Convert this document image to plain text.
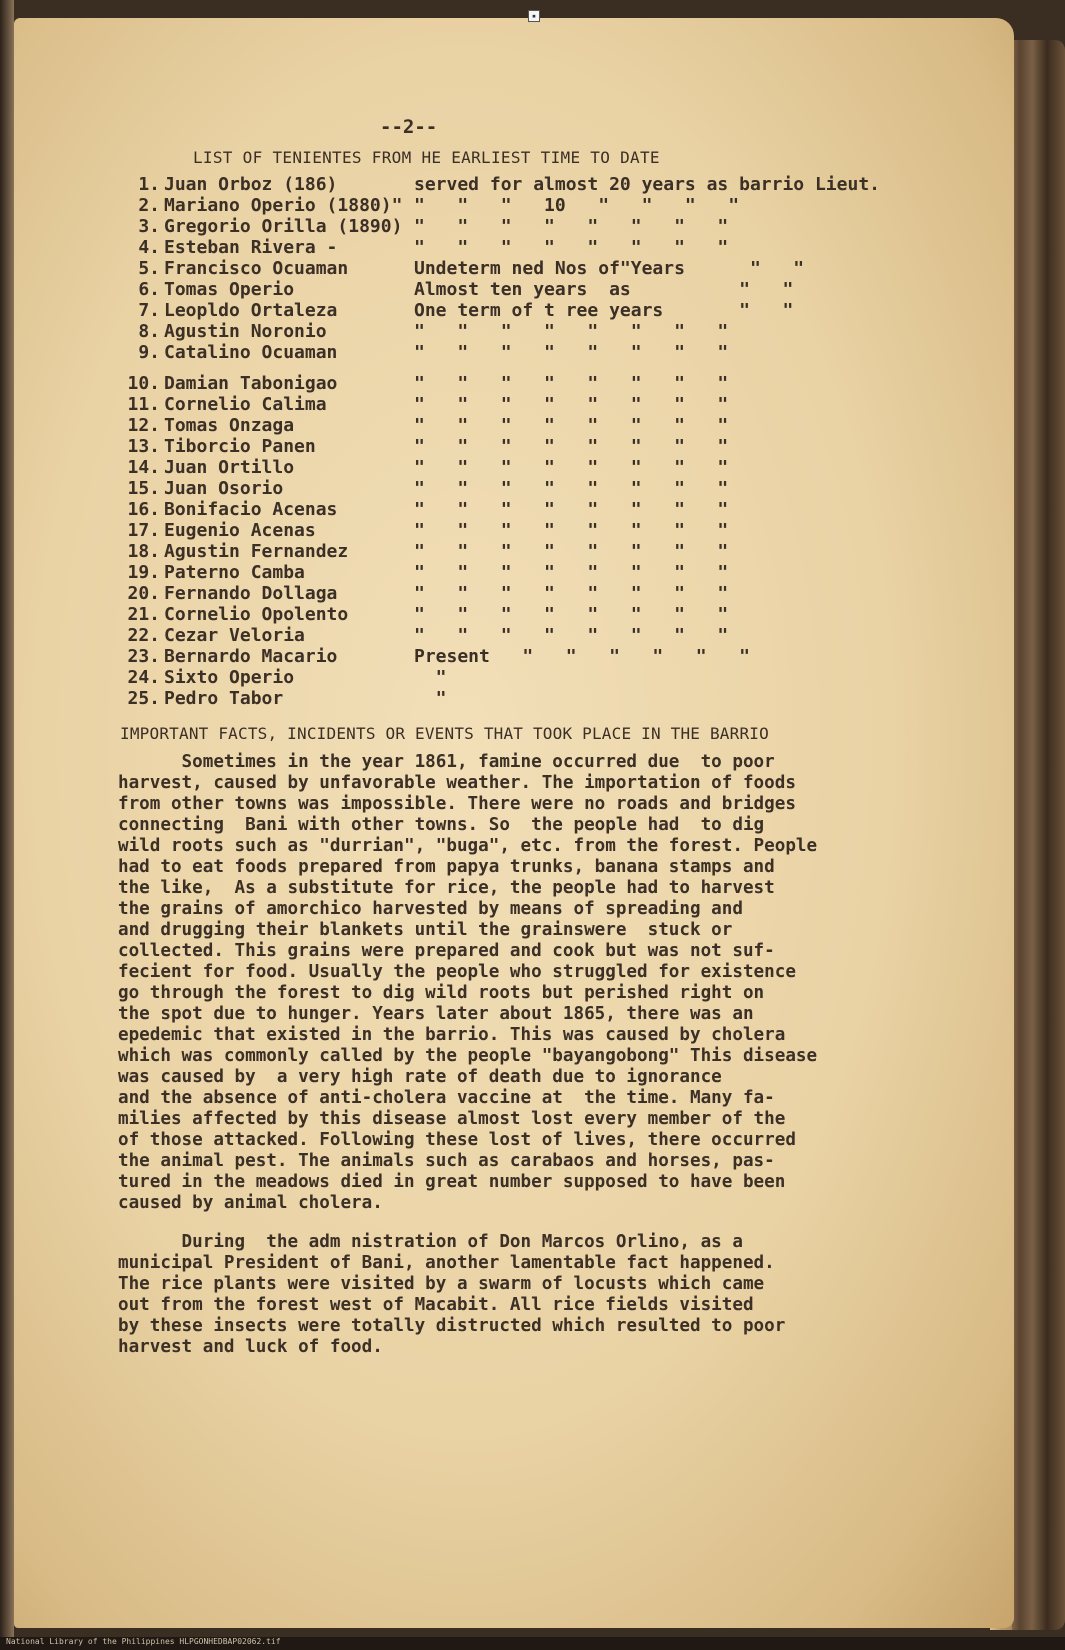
▪
--2--
LIST OF TENIENTES FROM HE EARLIEST TIME TO DATE
1. Juan Orboz (186)	served for almost 20 years as barrio Lieut.
2. Mariano Operio (1880)" "   "   "   10   "   "   "   "
3. Gregorio Orilla (1890) "   "   "   "   "   "   "   "
4. Esteban Rivera -	"   "   "   "   "   "   "   "
5. Francisco Ocuaman	Undeterm ned Nos of"Years      "   "
6. Tomas Operio	Almost ten years  as          "   "
7. Leopldo Ortaleza	One term of t ree years       "   "
8. Agustin Noronio	"   "   "   "   "   "   "   "
9. Catalino Ocuaman	"   "   "   "   "   "   "   "
10. Damian Tabonigao	"   "   "   "   "   "   "   "
11. Cornelio Calima	"   "   "   "   "   "   "   "
12. Tomas Onzaga	"   "   "   "   "   "   "   "
13. Tiborcio Panen	"   "   "   "   "   "   "   "
14. Juan Ortillo	"   "   "   "   "   "   "   "
15. Juan Osorio	"   "   "   "   "   "   "   "
16. Bonifacio Acenas	"   "   "   "   "   "   "   "
17. Eugenio Acenas	"   "   "   "   "   "   "   "
18. Agustin Fernandez	"   "   "   "   "   "   "   "
19. Paterno Camba	"   "   "   "   "   "   "   "
20. Fernando Dollaga	"   "   "   "   "   "   "   "
21. Cornelio Opolento	"   "   "   "   "   "   "   "
22. Cezar Veloria	"   "   "   "   "   "   "   "
23. Bernardo Macario	Present   "   "   "   "   "   "
24. Sixto Operio	"
25. Pedro Tabor	"
IMPORTANT FACTS, INCIDENTS OR EVENTS THAT TOOK PLACE IN THE BARRIO
Sometimes in the year 1861, famine occurred due  to poor
harvest, caused by unfavorable weather. The importation of foods
from other towns was impossible. There were no roads and bridges
connecting  Bani with other towns. So  the people had  to dig
wild roots such as "durrian", "buga", etc. from the forest. People
had to eat foods prepared from papya trunks, banana stamps and
the like,  As a substitute for rice, the people had to harvest
the grains of amorchico harvested by means of spreading and
and drugging their blankets until the grainswere  stuck or
collected. This grains were prepared and cook but was not suf-
fecient for food. Usually the people who struggled for existence
go through the forest to dig wild roots but perished right on
the spot due to hunger. Years later about 1865, there was an
epedemic that existed in the barrio. This was caused by cholera
which was commonly called by the people "bayangobong" This disease
was caused by  a very high rate of death due to ignorance
and the absence of anti-cholera vaccine at  the time. Many fa-
milies affected by this disease almost lost every member of the
of those attacked. Following these lost of lives, there occurred
the animal pest. The animals such as carabaos and horses, pas-
tured in the meadows died in great number supposed to have been
caused by animal cholera.
During  the adm nistration of Don Marcos Orlino, as a
municipal President of Bani, another lamentable fact happened.
The rice plants were visited by a swarm of locusts which came
out from the forest west of Macabit. All rice fields visited
by these insects were totally distructed which resulted to poor
harvest and luck of food.
National Library of the Philippines HLPGONHEDBAP02062.tif
